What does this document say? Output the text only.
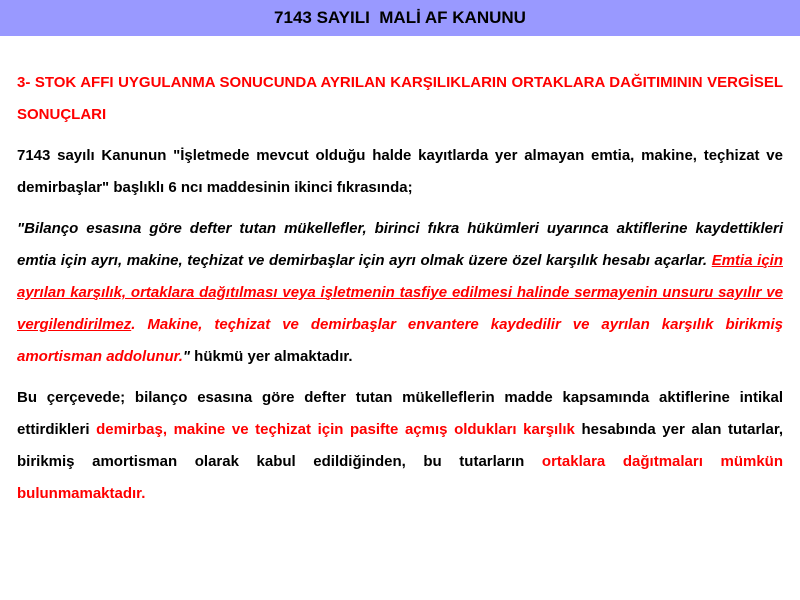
7143 SAYILI  MALİ AF KANUNU

3- STOK AFFI UYGULANMA SONUCUNDA AYRILAN KARŞILIKLARIN ORTAKLARA DAĞITIMININ VERGİSEL SONUÇLARI

7143 sayılı Kanunun "İşletmede mevcut olduğu halde kayıtlarda yer almayan emtia, makine, teçhizat ve demirbaşlar" başlıklı 6 ncı maddesinin ikinci fıkrasında;

"Bilanço esasına göre defter tutan mükellefler, birinci fıkra hükümleri uyarınca aktiflerine kaydettikleri emtia için ayrı, makine, teçhizat ve demirbaşlar için ayrı olmak üzere özel karşılık hesabı açarlar. Emtia için ayrılan karşılık, ortaklara dağıtılması veya işletmenin tasfiye edilmesi halinde sermayenin unsuru sayılır ve vergilendirilmez. Makine, teçhizat ve demirbaşlar envantere kaydedilir ve ayrılan karşılık birikmiş amortisman addolunur." hükmü yer almaktadır.

Bu çerçevede; bilanço esasına göre defter tutan mükelleflerin madde kapsamında aktiflerine intikal ettirdikleri demirbaş, makine ve teçhizat için pasifte açmış oldukları karşılık hesabında yer alan tutarlar, birikmiş amortisman olarak kabul edildiğinden, bu tutarların ortaklara dağıtmaları mümkün bulunmamaktadır.
